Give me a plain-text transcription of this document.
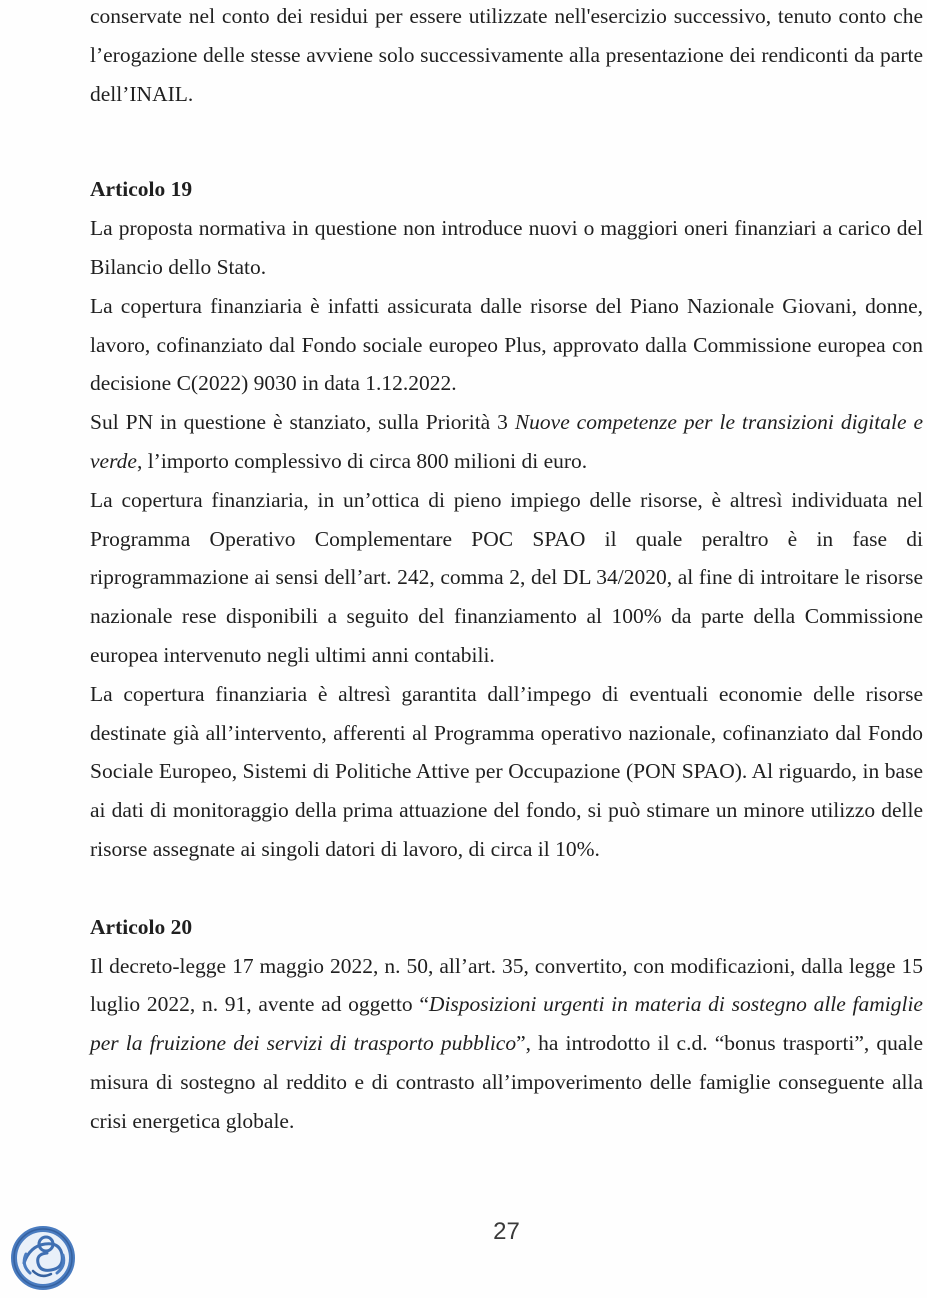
conservate nel conto dei residui per essere utilizzate nell'esercizio successivo, tenuto conto che l’erogazione delle stesse avviene solo successivamente alla presentazione dei rendiconti da parte dell’INAIL.

Articolo 19

La proposta normativa in questione non introduce nuovi o maggiori oneri finanziari a carico del Bilancio dello Stato.

La copertura finanziaria è infatti assicurata dalle risorse del Piano Nazionale Giovani, donne, lavoro, cofinanziato dal Fondo sociale europeo Plus, approvato dalla Commissione europea con decisione C(2022) 9030 in data 1.12.2022.

Sul PN in questione è stanziato, sulla Priorità 3 Nuove competenze per le transizioni digitale e verde, l’importo complessivo di circa 800 milioni di euro.

La copertura finanziaria, in un’ottica di pieno impiego delle risorse, è altresì individuata nel Programma Operativo Complementare POC SPAO il quale peraltro è in fase di riprogrammazione ai sensi dell’art. 242, comma 2, del DL 34/2020, al fine di introitare le risorse nazionale rese disponibili a seguito del finanziamento al 100% da parte della Commissione europea intervenuto negli ultimi anni contabili.

La copertura finanziaria è altresì garantita dall’impego di eventuali economie delle risorse destinate già all’intervento, afferenti al Programma operativo nazionale, cofinanziato dal Fondo Sociale Europeo, Sistemi di Politiche Attive per Occupazione (PON SPAO). Al riguardo, in base ai dati di monitoraggio della prima attuazione del fondo, si può stimare un minore utilizzo delle risorse assegnate ai singoli datori di lavoro, di circa il 10%.

Articolo 20

Il decreto-legge 17 maggio 2022, n. 50, all’art. 35, convertito, con modificazioni, dalla legge 15 luglio 2022, n. 91, avente ad oggetto “Disposizioni urgenti in materia di sostegno alle famiglie per la fruizione dei servizi di trasporto pubblico”, ha introdotto il c.d. “bonus trasporti”, quale misura di sostegno al reddito e di contrasto all’impoverimento delle famiglie conseguente alla crisi energetica globale.

27
